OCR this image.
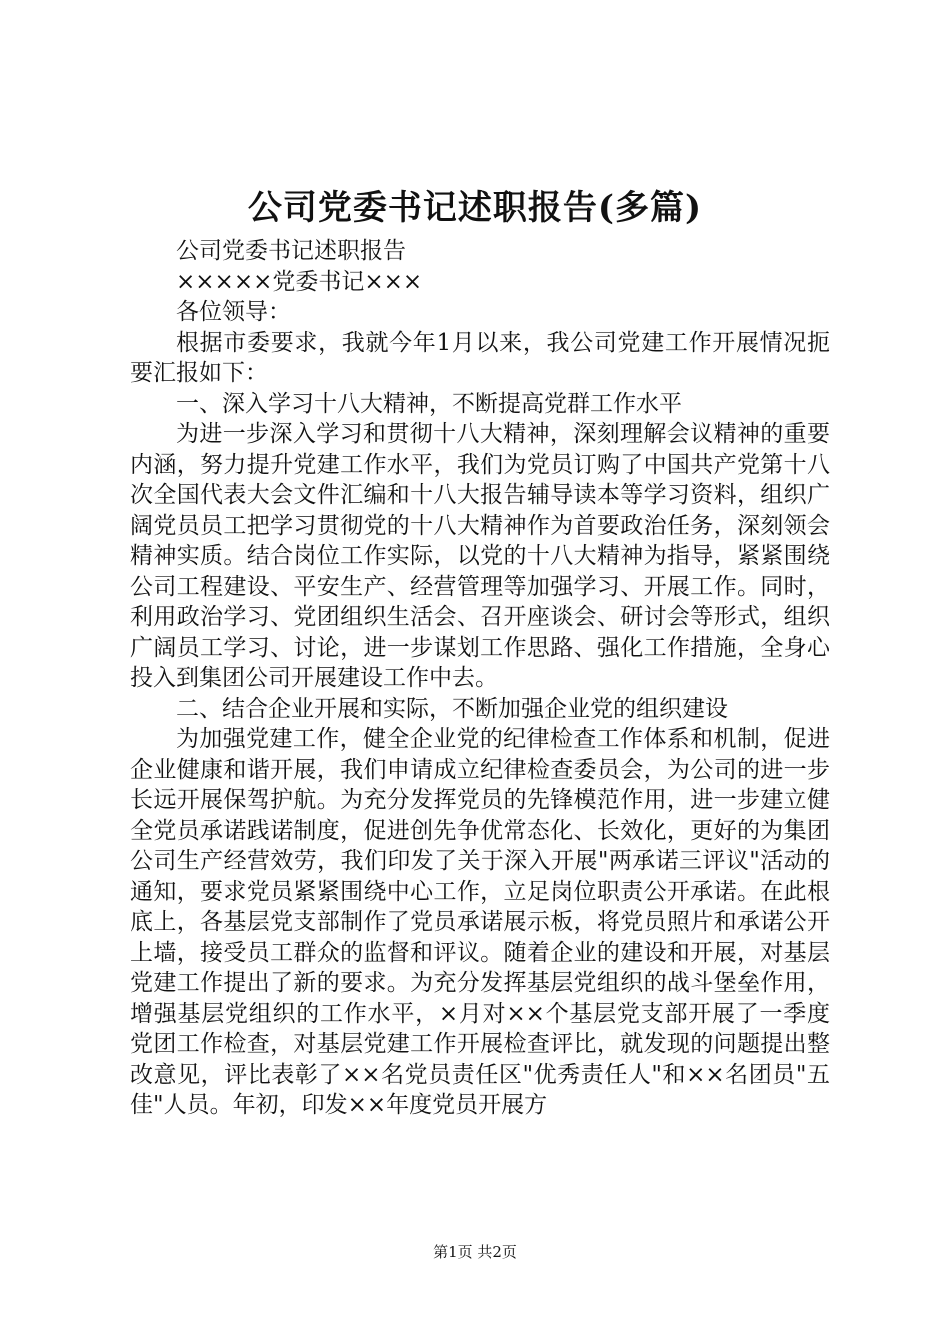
公司党委书记述职报告(多篇)

公司党委书记述职报告

×××××党委书记×××

各位领导：

根据市委要求，我就今年1月以来，我公司党建工作开展情况扼要汇报如下：

一、深入学习十八大精神，不断提高党群工作水平

为进一步深入学习和贯彻十八大精神，深刻理解会议精神的重要内涵，努力提升党建工作水平，我们为党员订购了中国共产党第十八次全国代表大会文件汇编和十八大报告辅导读本等学习资料，组织广阔党员员工把学习贯彻党的十八大精神作为首要政治任务，深刻领会精神实质。结合岗位工作实际，以党的十八大精神为指导，紧紧围绕公司工程建设、平安生产、经营管理等加强学习、开展工作。同时，利用政治学习、党团组织生活会、召开座谈会、研讨会等形式，组织广阔员工学习、讨论，进一步谋划工作思路、强化工作措施，全身心投入到集团公司开展建设工作中去。

二、结合企业开展和实际，不断加强企业党的组织建设

为加强党建工作，健全企业党的纪律检查工作体系和机制，促进企业健康和谐开展，我们申请成立纪律检查委员会，为公司的进一步长远开展保驾护航。为充分发挥党员的先锋模范作用，进一步建立健全党员承诺践诺制度，促进创先争优常态化、长效化，更好的为集团公司生产经营效劳，我们印发了关于深入开展"两承诺三评议"活动的通知，要求党员紧紧围绕中心工作，立足岗位职责公开承诺。在此根底上，各基层党支部制作了党员承诺展示板，将党员照片和承诺公开上墙，接受员工群众的监督和评议。随着企业的建设和开展，对基层党建工作提出了新的要求。为充分发挥基层党组织的战斗堡垒作用，增强基层党组织的工作水平，×月对××个基层党支部开展了一季度党团工作检查，对基层党建工作开展检查评比，就发现的问题提出整改意见，评比表彰了××名党员责任区"优秀责任人"和××名团员"五佳"人员。年初，印发××年度党员开展方

第1页 共2页
